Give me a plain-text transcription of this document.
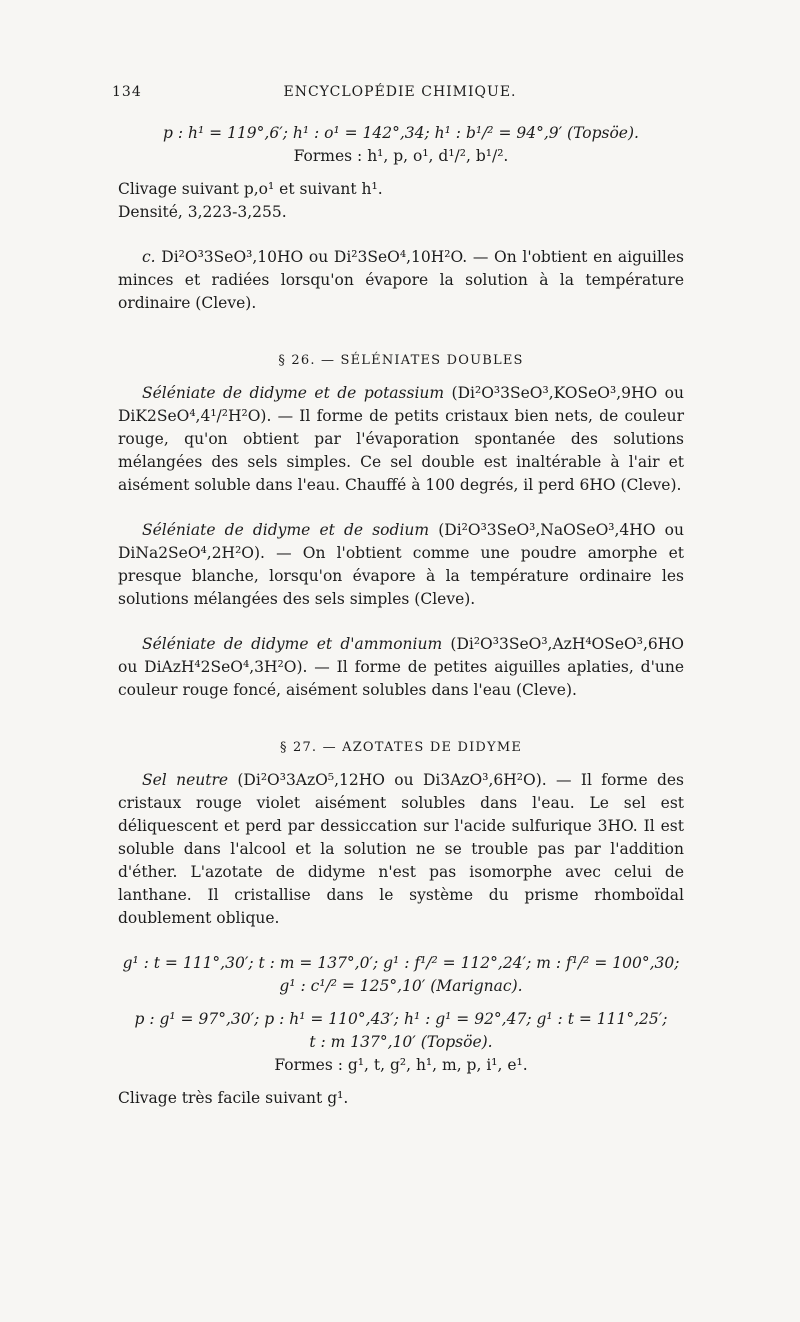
134	ENCYCLOPÉDIE CHIMIQUE.

p : h¹ = 119°,6′; h¹ : o¹ = 142°,34; h¹ : b¹/² = 94°,9′ (Topsöe).
Formes : h¹, p, o¹, d¹/², b¹/².

Clivage suivant p,o¹ et suivant h¹.
Densité, 3,223-3,255.

c. Di²O³3SeO³,10HO ou Di²3SeO⁴,10H²O. — On l'obtient en aiguilles minces et radiées lorsqu'on évapore la solution à la température ordinaire (Cleve).

§ 26. — SÉLÉNIATES DOUBLES

Séléniate de didyme et de potassium (Di²O³3SeO³,KOSeO³,9HO ou DiK2SeO⁴,4¹/²H²O). — Il forme de petits cristaux bien nets, de couleur rouge, qu'on obtient par l'évaporation spontanée des solutions mélangées des sels simples. Ce sel double est inaltérable à l'air et aisément soluble dans l'eau. Chauffé à 100 degrés, il perd 6HO (Cleve).

Séléniate de didyme et de sodium (Di²O³3SeO³,NaOSeO³,4HO ou DiNa2SeO⁴,2H²O). — On l'obtient comme une poudre amorphe et presque blanche, lorsqu'on évapore à la température ordinaire les solutions mélangées des sels simples (Cleve).

Séléniate de didyme et d'ammonium (Di²O³3SeO³,AzH⁴OSeO³,6HO ou DiAzH⁴2SeO⁴,3H²O). — Il forme de petites aiguilles aplaties, d'une couleur rouge foncé, aisément solubles dans l'eau (Cleve).

§ 27. — AZOTATES DE DIDYME

Sel neutre (Di²O³3AzO⁵,12HO ou Di3AzO³,6H²O). — Il forme des cristaux rouge violet aisément solubles dans l'eau. Le sel est déliquescent et perd par dessiccation sur l'acide sulfurique 3HO. Il est soluble dans l'alcool et la solution ne se trouble pas par l'addition d'éther. L'azotate de didyme n'est pas isomorphe avec celui de lanthane. Il cristallise dans le système du prisme rhomboïdal doublement oblique.

g¹ : t = 111°,30′; t : m = 137°,0′; g¹ : f¹/² = 112°,24′; m : f¹/² = 100°,30;
g¹ : c¹/² = 125°,10′ (Marignac).

p : g¹ = 97°,30′; p : h¹ = 110°,43′; h¹ : g¹ = 92°,47; g¹ : t = 111°,25′;
t : m 137°,10′ (Topsöe).
Formes : g¹, t, g², h¹, m, p, i¹, e¹.

Clivage très facile suivant g¹.
